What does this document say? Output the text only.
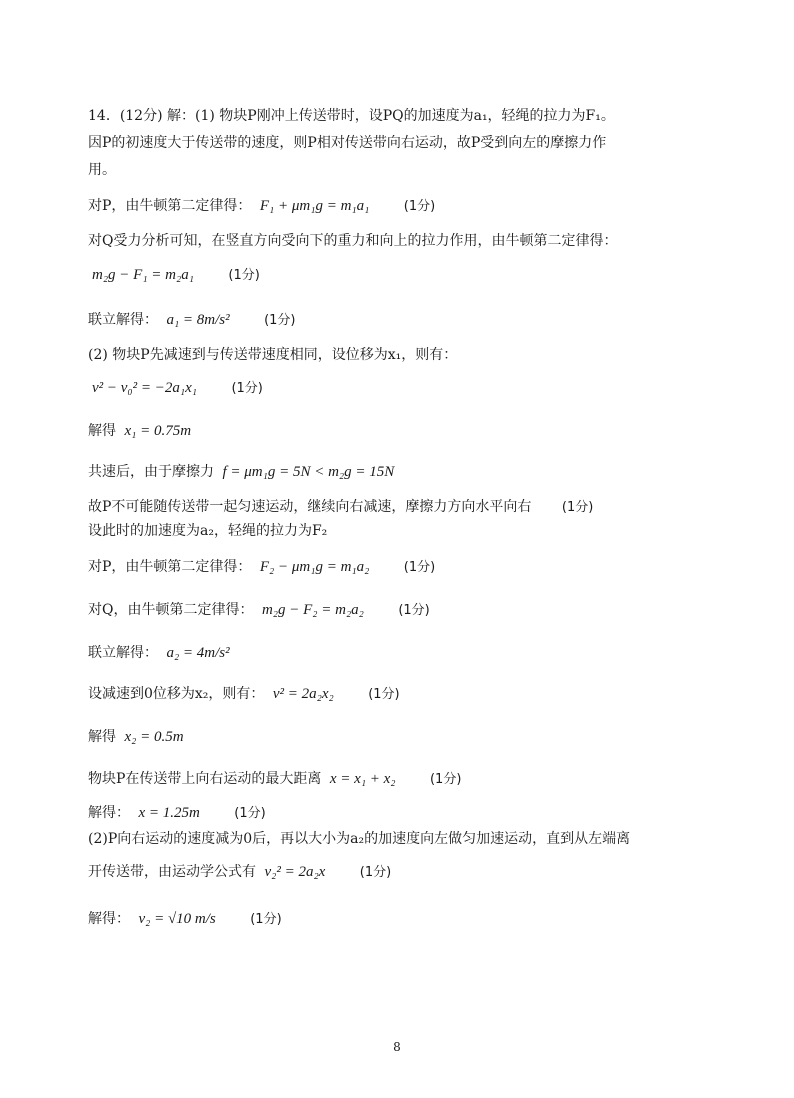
14．(12分) 解：(1) 物块P刚冲上传送带时，设PQ的加速度为a₁，轻绳的拉力为F₁。
因P的初速度大于传送带的速度，则P相对传送带向右运动，故P受到向左的摩擦力作
用。
对P，由牛顿第二定律得： F₁ + μm₁g = m₁a₁	(1分)
对Q受力分析可知，在竖直方向受向下的重力和向上的拉力作用，由牛顿第二定律得：
m₂g − F₁ = m₂a₁	(1分)
联立解得： a₁ = 8m/s²	(1分)
(2) 物块P先减速到与传送带速度相同，设位移为x₁，则有：
v² − v₀² = −2a₁x₁	(1分)
解得 x₁ = 0.75m
共速后，由于摩擦力 f = μm₁g = 5N < m₂g = 15N
故P不可能随传送带一起匀速运动，继续向右减速，摩擦力方向水平向右 (1分)
设此时的加速度为a₂，轻绳的拉力为F₂
对P，由牛顿第二定律得： F₂ − μm₁g = m₁a₂	(1分)
对Q，由牛顿第二定律得： m₂g − F₂ = m₂a₂	(1分)
联立解得： a₂ = 4m/s²
设减速到0位移为x₂，则有： v² = 2a₂x₂	(1分)
解得 x₂ = 0.5m
物块P在传送带上向右运动的最大距离 x = x₁ + x₂	(1分)
解得： x = 1.25m	(1分)
(2)P向右运动的速度减为0后，再以大小为a₂的加速度向左做匀加速运动，直到从左端离
开传送带，由运动学公式有 v₂² = 2a₂x	(1分)
解得： v₂ = √10 m/s	(1分)
8
